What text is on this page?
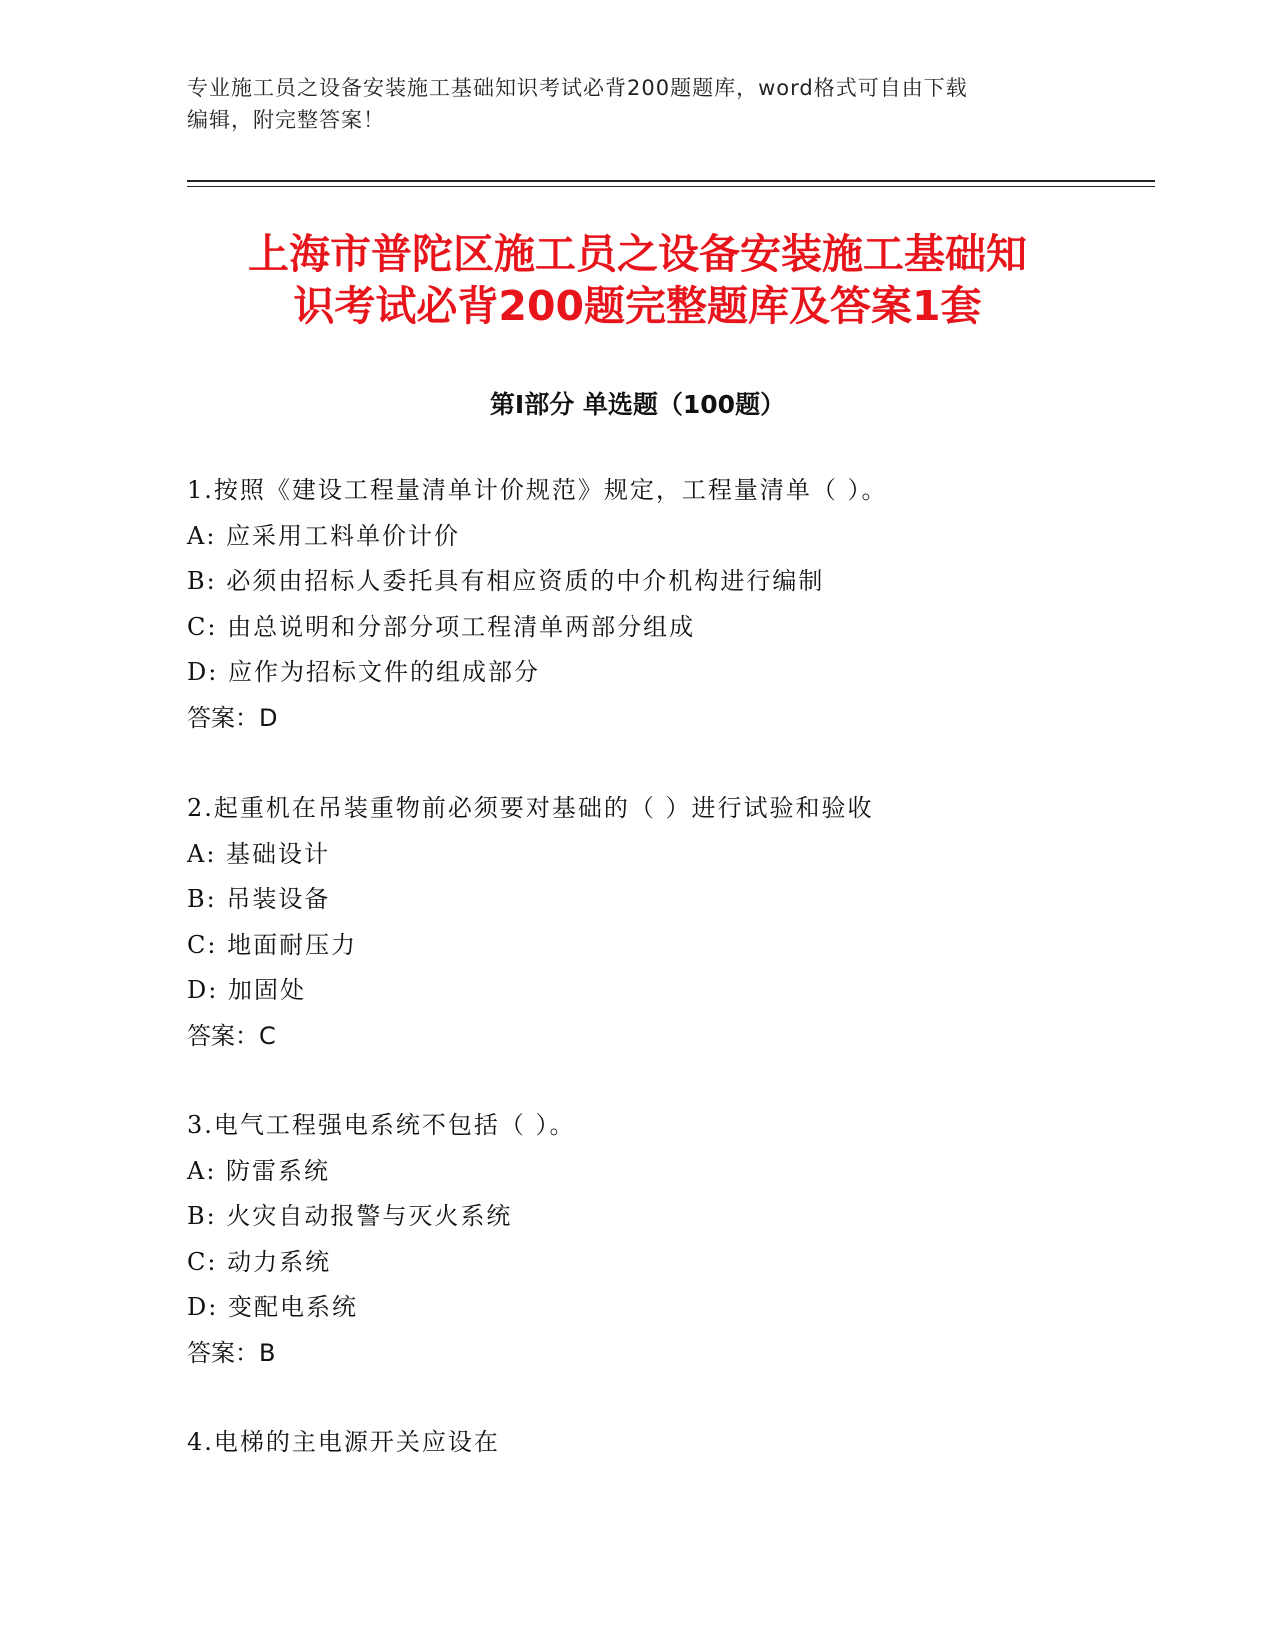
专业施工员之设备安装施工基础知识考试必背200题题库，word格式可自由下载
编辑，附完整答案！
上海市普陀区施工员之设备安装施工基础知
识考试必背200题完整题库及答案1套
第Ⅰ部分 单选题（100题）
1.按照《建设工程量清单计价规范》规定，工程量清单（ ）。
A: 应采用工料单价计价
B: 必须由招标人委托具有相应资质的中介机构进行编制
C: 由总说明和分部分项工程清单两部分组成
D: 应作为招标文件的组成部分
答案：D
2.起重机在吊装重物前必须要对基础的（ ）进行试验和验收
A: 基础设计
B: 吊装设备
C: 地面耐压力
D: 加固处
答案：C
3.电气工程强电系统不包括（ ）。
A: 防雷系统
B: 火灾自动报警与灭火系统
C: 动力系统
D: 变配电系统
答案：B
4.电梯的主电源开关应设在
